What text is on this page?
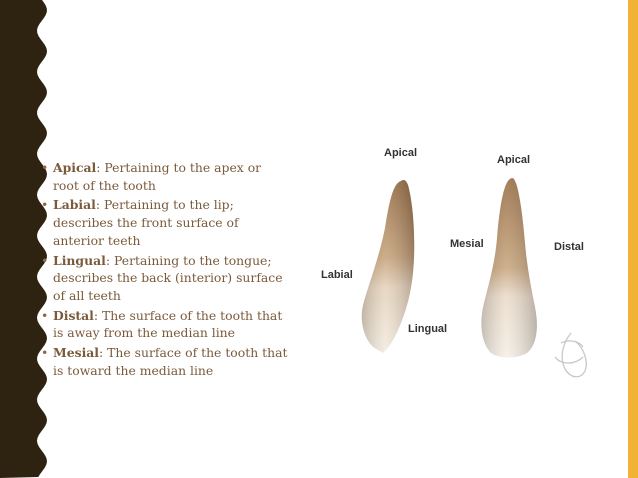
• Apical: Pertaining to the apex or root of the tooth
• Labial: Pertaining to the lip; describes the front surface of anterior teeth
• Lingual: Pertaining to the tongue; describes the back (interior) surface of all teeth
• Distal: The surface of the tooth that is away from the median line
• Mesial: The surface of the tooth that is toward the median line
Apical
Apical
Labial
Lingual
Mesial	Distal
